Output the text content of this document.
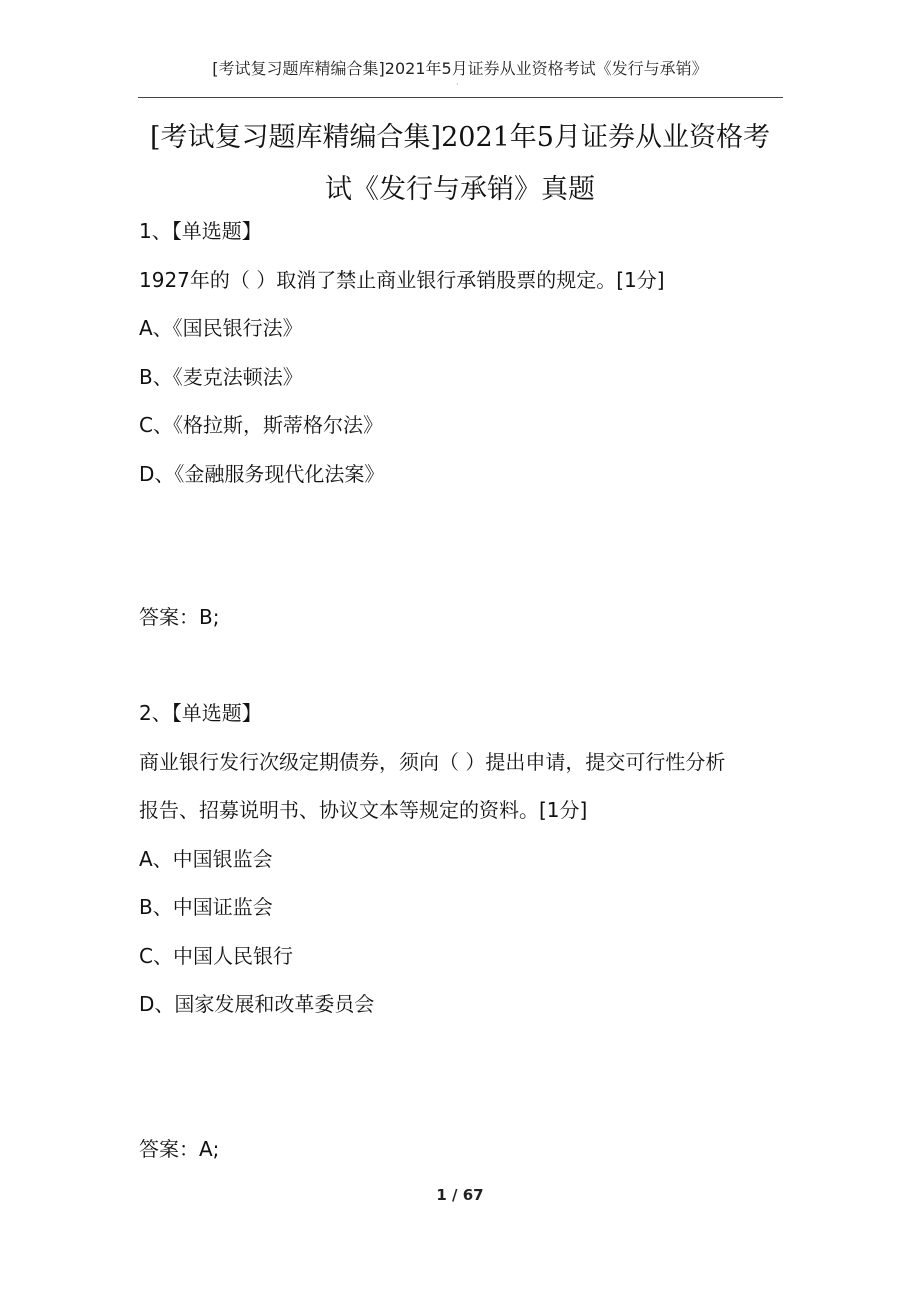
[考试复习题库精编合集]2021年5月证券从业资格考试《发行与承销》
·
[考试复习题库精编合集]2021年5月证券从业资格考
试《发行与承销》真题
1、【单选题】
1927年的（ ）取消了禁止商业银行承销股票的规定。[1分]
A、《国民银行法》
B、《麦克法顿法》
C、《格拉斯，斯蒂格尔法》
D、《金融服务现代化法案》
答案：B;
2、【单选题】
商业银行发行次级定期债券，须向（ ）提出申请，提交可行性分析
报告、招募说明书、协议文本等规定的资料。[1分]
A、中国银监会
B、中国证监会
C、中国人民银行
D、国家发展和改革委员会
答案：A;
1 / 67
